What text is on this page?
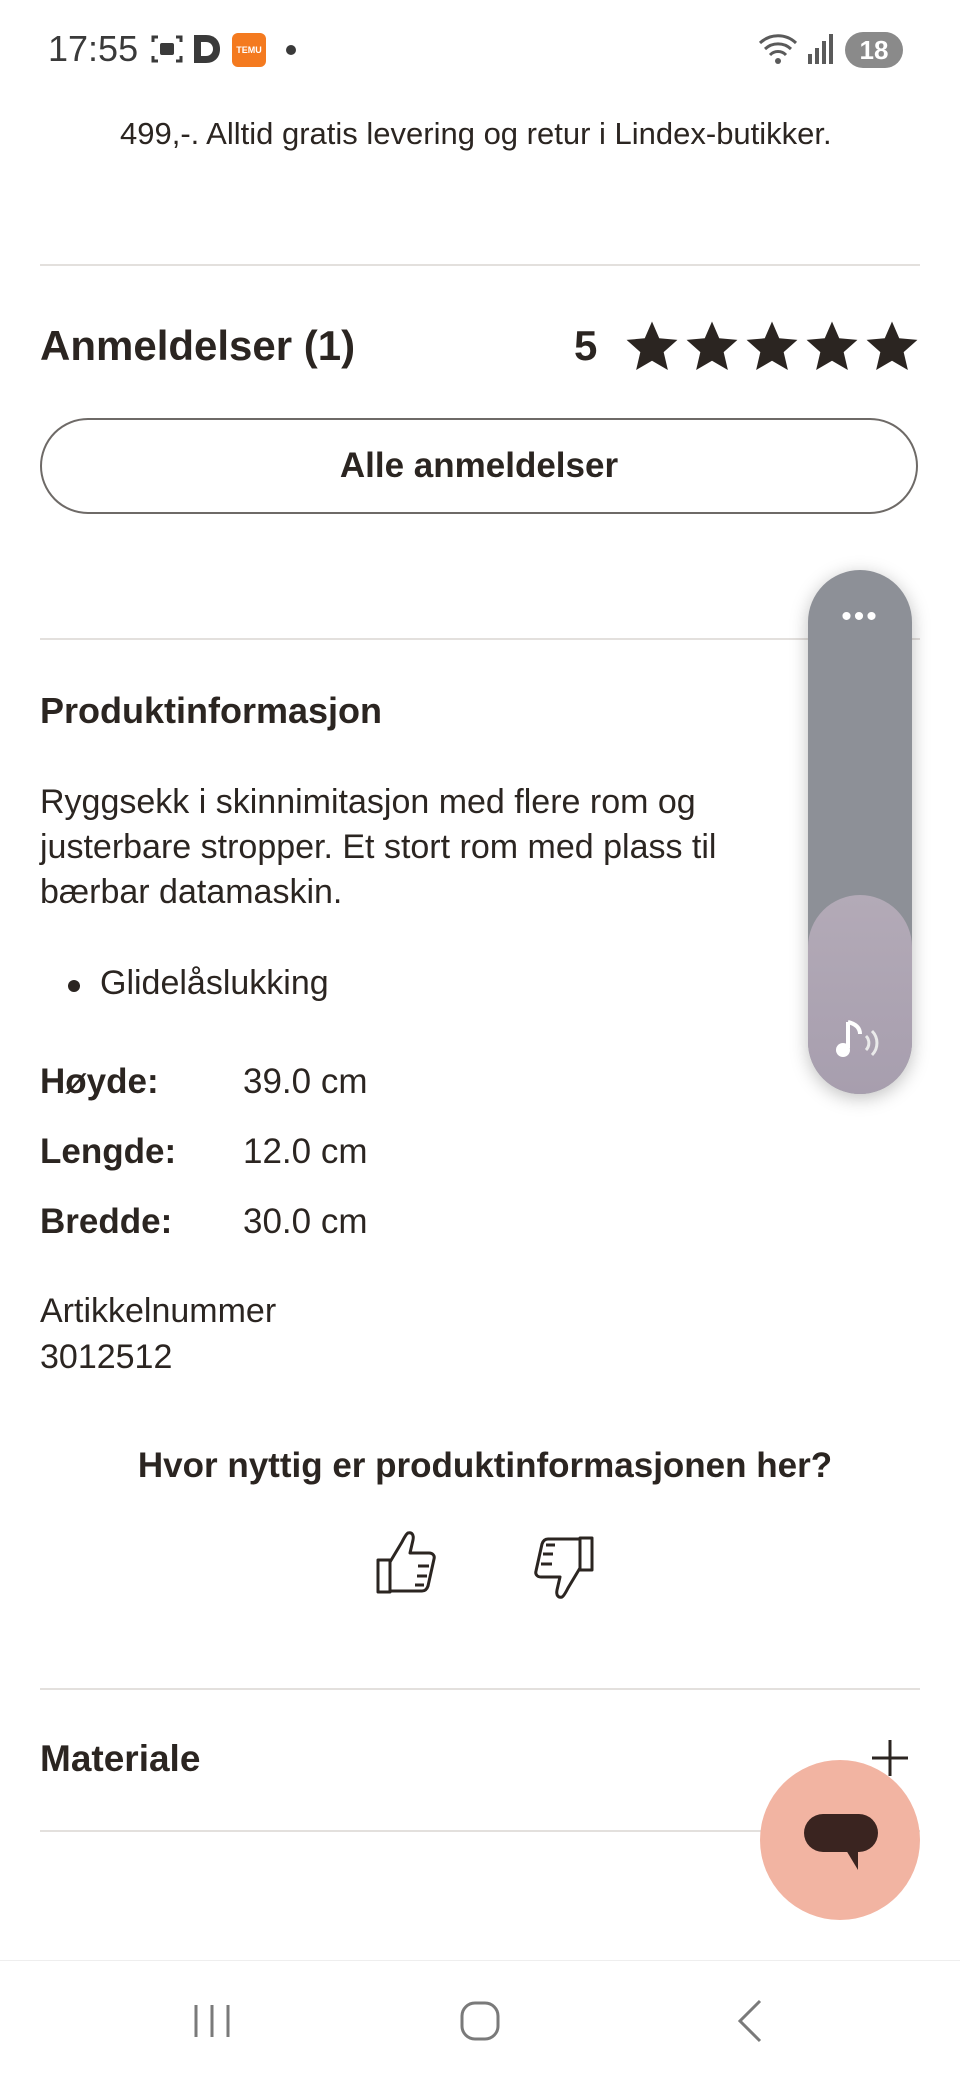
17:55	TEMU	18
499,-. Alltid gratis levering og retur i Lindex-butikker.
Anmeldelser (1)	5
Alle anmeldelser
Produktinformasjon
Ryggsekk i skinnimitasjon med flere rom og justerbare stropper. Et stort rom med plass til bærbar datamaskin.
Glidelåslukking
Høyde: 39.0 cm
Lengde: 12.0 cm
Bredde: 30.0 cm
Artikkelnummer
3012512
Hvor nyttig er produktinformasjonen her?
Materiale
•••
